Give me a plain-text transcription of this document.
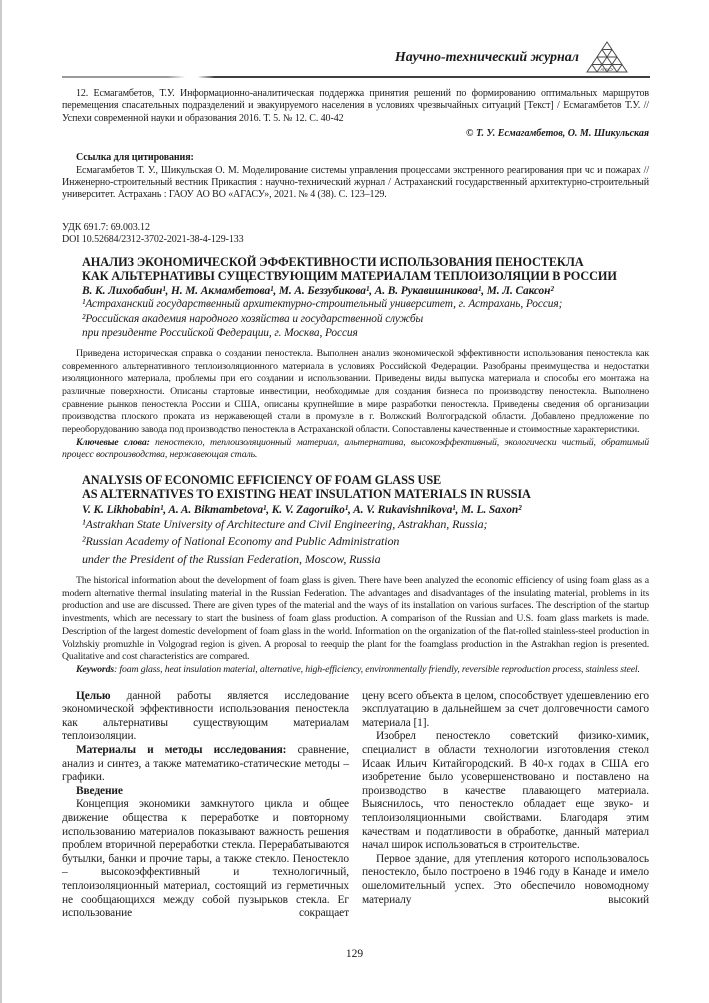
Научно-технический журнал
АГАСУ

12. Есмагамбетов, Т.У. Информационно-аналитическая поддержка принятия решений по формированию оптимальных маршрутов перемещения спасательных подразделений и эвакуируемого населения в условиях чрезвычайных ситуаций [Текст] / Есмагамбетов Т.У. // Успехи современной науки и образования 2016. Т. 5. № 12. С. 40-42

© Т. У. Есмагамбетов, О. М. Шикульская

Ссылка для цитирования:

Есмагамбетов Т. У., Шикульская О. М. Моделирование системы управления процессами экстренного реагирования при чс и пожарах // Инженерно-строительный вестник Прикаспия : научно-технический журнал / Астраханский государственный архитектурно-строительный университет. Астрахань : ГАОУ АО ВО «АГАСУ», 2021. № 4 (38). С. 123–129.

УДК 691.7: 69.003.12

DOI 10.52684/2312-3702-2021-38-4-129-133

АНАЛИЗ ЭКОНОМИЧЕСКОЙ ЭФФЕКТИВНОСТИ ИСПОЛЬЗОВАНИЯ ПЕНОСТЕКЛА
КАК АЛЬТЕРНАТИВЫ СУЩЕСТВУЮЩИМ МАТЕРИАЛАМ ТЕПЛОИЗОЛЯЦИИ В РОССИИ
В. К. Лихобабин¹, Н. М. Акмамбетова¹, М. А. Беззубикова¹, А. В. Рукавишникова¹, М. Л. Саксон²
¹Астраханский государственный архитектурно-строительный университет, г. Астрахань, Россия;
²Российская академия народного хозяйства и государственной службы
при президенте Российской Федерации, г. Москва, Россия

Приведена историческая справка о создании пеностекла. Выполнен анализ экономической эффективности использования пеностекла как современного альтернативного теплоизоляционного материала в условиях Российской Федерации. Разобраны преимущества и недостатки изоляционного материала, проблемы при его создании и использовании. Приведены виды выпуска материала и способы его монтажа на различные поверхности. Описаны стартовые инвестиции, необходимые для создания бизнеса по производству пеностекла. Выполнено сравнение рынков пеностекла России и США, описаны крупнейшие в мире разработки пеностекла. Приведены сведения об организации производства плоского проката из нержавеющей стали в промузле в г. Волжский Волгоградской области. Добавлено предложение по переоборудованию завода под производство пеностекла в Астраханской области. Сопоставлены качественные и стоимостные характеристики.

Ключевые слова: пеностекло, теплоизоляционный материал, альтернатива, высокоэффективный, экологически чистый, обратимый процесс воспроизводства, нержавеющая сталь.

ANALYSIS OF ECONOMIC EFFICIENCY OF FOAM GLASS USE
AS ALTERNATIVES TO EXISTING HEAT INSULATION MATERIALS IN RUSSIA
V. K. Likhobabin¹, A. A. Bikmambetova¹, K. V. Zagoruiko¹, A. V. Rukavishnikova¹, M. L. Saxon²
¹Astrakhan State University of Architecture and Civil Engineering, Astrakhan, Russia;
²Russian Academy of National Economy and Public Administration
under the President of the Russian Federation, Moscow, Russia

The historical information about the development of foam glass is given. There have been analyzed the economic efficiency of using foam glass as a modern alternative thermal insulating material in the Russian Federation. The advantages and disadvantages of the insulating material, problems in its production and use are discussed. There are given types of the material and the ways of its installation on various surfaces. The description of the startup investments, which are necessary to start the business of foam glass production. A comparison of the Russian and U.S. foam glass markets is made. Description of the largest domestic development of foam glass in the world. Information on the organization of the flat-rolled stainless-steel production in Volzhskiy promuzhle in Volgograd region is given. A proposal to reequip the plant for the foamglass production in the Astrakhan region is presented. Qualitative and cost characteristics are compared.

Keywords: foam glass, heat insulation material, alternative, high-efficiency, environmentally friendly, reversible reproduction process, stainless steel.

Целью данной работы является исследование экономической эффективности использования пеностекла как альтернативы существующим материалам теплоизоляции.

Материалы и методы исследования: сравнение, анализ и синтез, а также математико-статические методы – графики.

Введение

Концепция экономики замкнутого цикла и общее движение общества к переработке и повторному использованию материалов показывают важность решения проблем вторичной переработки стекла. Перерабатываются бутылки, банки и прочие тары, а также стекло. Пеностекло – высокоэффективный и технологичный, теплоизоляционный материал, состоящий из герметичных не сообщающихся между собой пузырьков стекла. Ег использование сокращает

цену всего объекта в целом, способствует удешевлению его эксплуатацию в дальнейшем за счет долговечности самого материала [1].

Изобрел пеностекло советский физико-химик, специалист в области технологии изготовления стекол Исаак Ильич Китайгородский. В 40-х годах в США его изобретение было усовершенствовано и поставлено на производство в качестве плавающего материала. Выяснилось, что пеностекло обладает еще звуко- и теплоизоляционными свойствами. Благодаря этим качествам и податливости в обработке, данный материал начал широк использоваться в строительстве.

Первое здание, для утепления которого использовалось пеностекло, было построено в 1946 году в Канаде и имело ошеломительный успех. Это обеспечило новомодному материалу высокий

129
